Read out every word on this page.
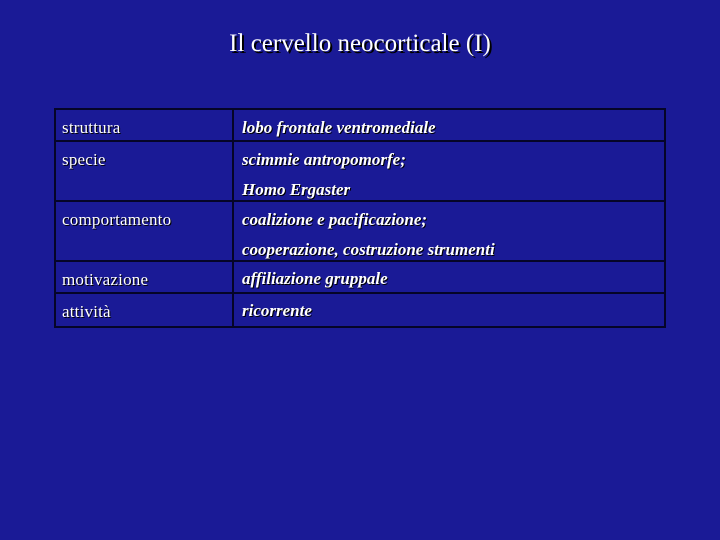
Il cervello neocorticale (I)
struttura	lobo frontale ventromediale
specie	scimmie antropomorfe;
Homo Ergaster
comportamento	coalizione e pacificazione;
cooperazione, costruzione strumenti
motivazione	affiliazione gruppale
attività	ricorrente
